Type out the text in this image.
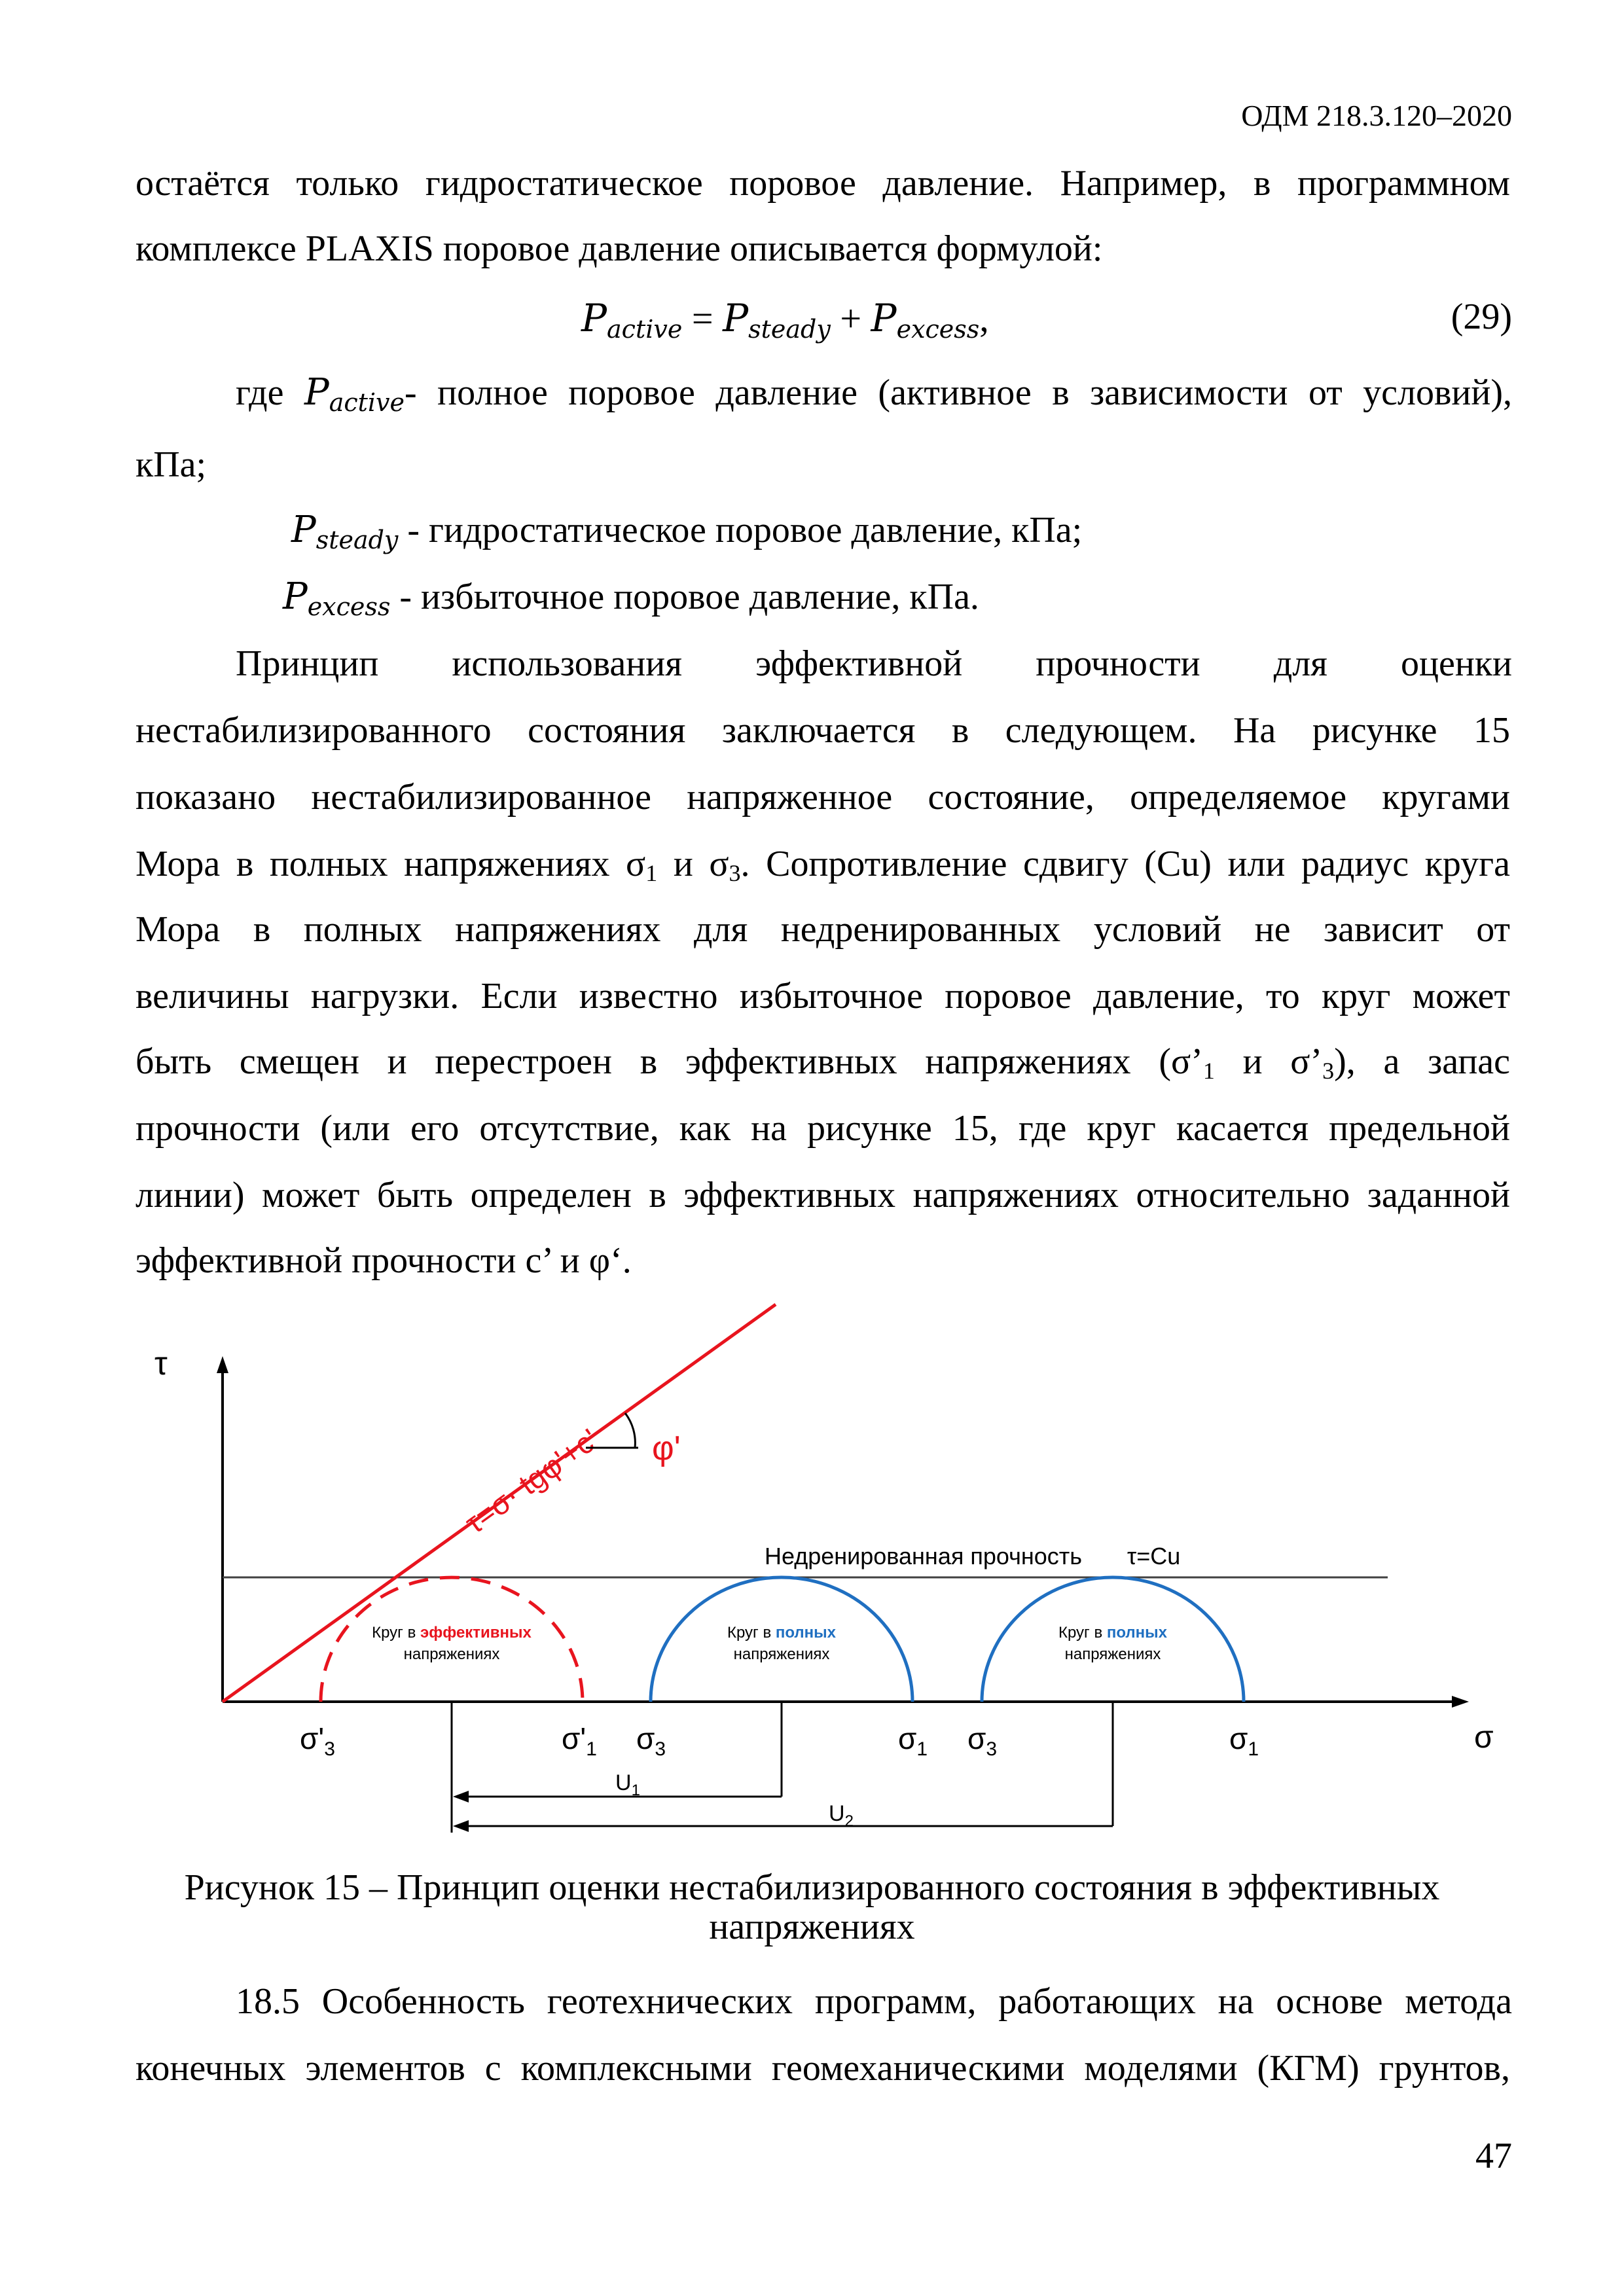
ОДМ 218.3.120–2020
остаётся только гидростатическое поровое давление. Например, в программном
комплексе PLAXIS поровое давление описывается формулой:
$P_{active} = P_{steady} + P_{excess}$,	(29)
где $P_{active}-$ полное поровое давление (активное в зависимости от условий),
кПа;
$P_{steady}$ - гидростатическое поровое давление, кПа;
$P_{excess}$ - избыточное поровое давление, кПа.
Принцип использования эффективной прочности для оценки
нестабилизированного состояния заключается в следующем. На рисунке 15
показано нестабилизированное напряженное состояние, определяемое кругами
Мора в полных напряжениях σ1 и σ3. Сопротивление сдвигу (Cu) или радиус круга
Мора в полных напряжениях для недренированных условий не зависит от
величины нагрузки. Если известно избыточное поровое давление, то круг может
быть смещен и перестроен в эффективных напряжениях (σ’1 и σ’3), а запас
прочности (или его отсутствие, как на рисунке 15, где круг касается предельной
линии) может быть определен в эффективных напряжениях относительно заданной
эффективной прочности с’ и φ‘.
τ
σ
Недренированная прочность τ=Cu
τ=σ· tgφ'+c' φ'
Круг в эффективных
напряжениях
Круг в полных
напряжениях
Круг в полных
напряжениях
$\sigma'_3$	$\sigma'_1$ $\sigma_3$	$\sigma_1$ $\sigma_3$	$\sigma_1$
$U_1$
$U_2$
Рисунок 15 – Принцип оценки нестабилизированного состояния в эффективных
напряжениях
18.5 Особенность геотехнических программ, работающих на основе метода
конечных элементов с комплексными геомеханическими моделями (КГМ) грунтов,
47
